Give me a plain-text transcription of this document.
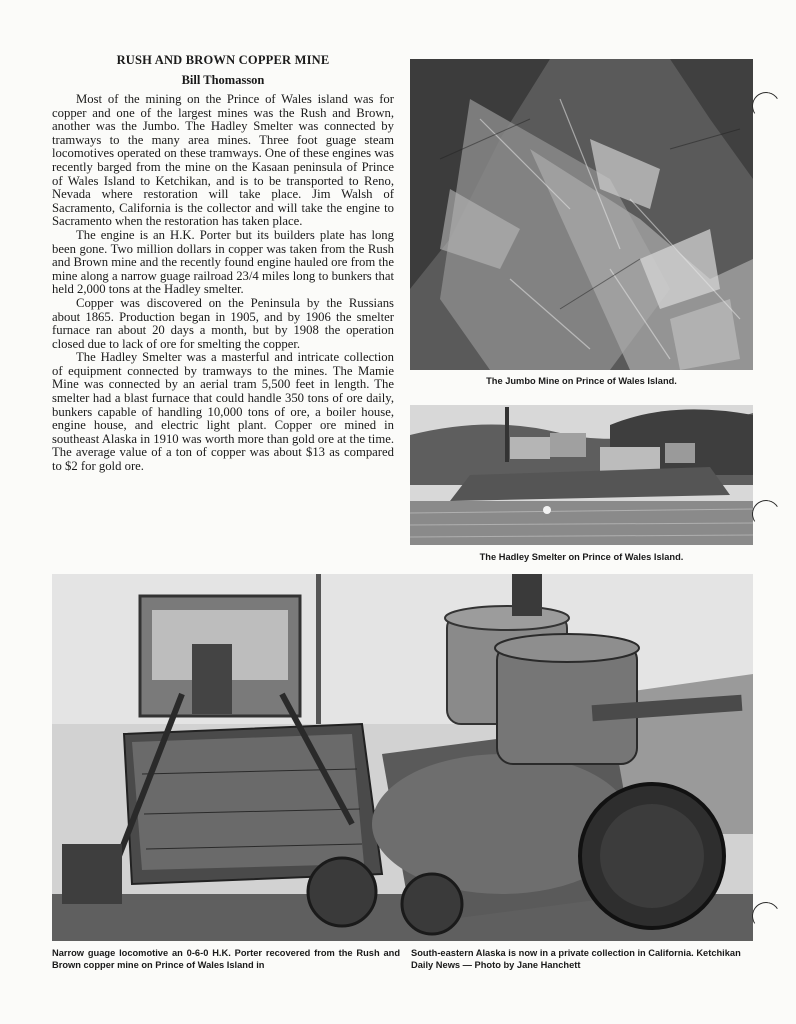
RUSH AND BROWN COPPER MINE
Bill Thomasson

Most of the mining on the Prince of Wales island was for copper and one of the largest mines was the Rush and Brown, another was the Jumbo. The Hadley Smelter was connected by tramways to the many area mines. Three foot guage steam locomotives operated on these tramways. One of these engines was recently barged from the mine on the Kasaan peninsula of Prince of Wales Island to Ketchikan, and is to be transported to Reno, Nevada where restoration will take place. Jim Walsh of Sacramento, California is the collector and will take the engine to Sacramento when the restoration has taken place.

The engine is an H.K. Porter but its builders plate has long been gone. Two million dollars in copper was taken from the Rush and Brown mine and the recently found engine hauled ore from the mine along a narrow guage railroad 23/4 miles long to bunkers that held 2,000 tons at the Hadley smelter.

Copper was discovered on the Peninsula by the Russians about 1865. Production began in 1905, and by 1906 the smelter furnace ran about 20 days a month, but by 1908 the operation closed due to lack of ore for smelting the copper.

The Hadley Smelter was a masterful and intricate collection of equipment connected by tramways to the mines. The Mamie Mine was connected by an aerial tram 5,500 feet in length. The smelter had a blast furnace that could handle 350 tons of ore daily, bunkers capable of handling 10,000 tons of ore, a boiler house, engine house, and electric light plant. Copper ore mined in southeast Alaska in 1910 was worth more than gold ore at the time. The average value of a ton of copper was about $13 as compared to $2 for gold ore.

The Jumbo Mine on Prince of Wales Island.

The Hadley Smelter on Prince of Wales Island.

Narrow guage locomotive an 0-6-0 H.K. Porter recovered from the Rush and Brown copper mine on Prince of Wales Island in

South-eastern Alaska is now in a private collection in California. Ketchikan Daily News — Photo by Jane Hanchett
